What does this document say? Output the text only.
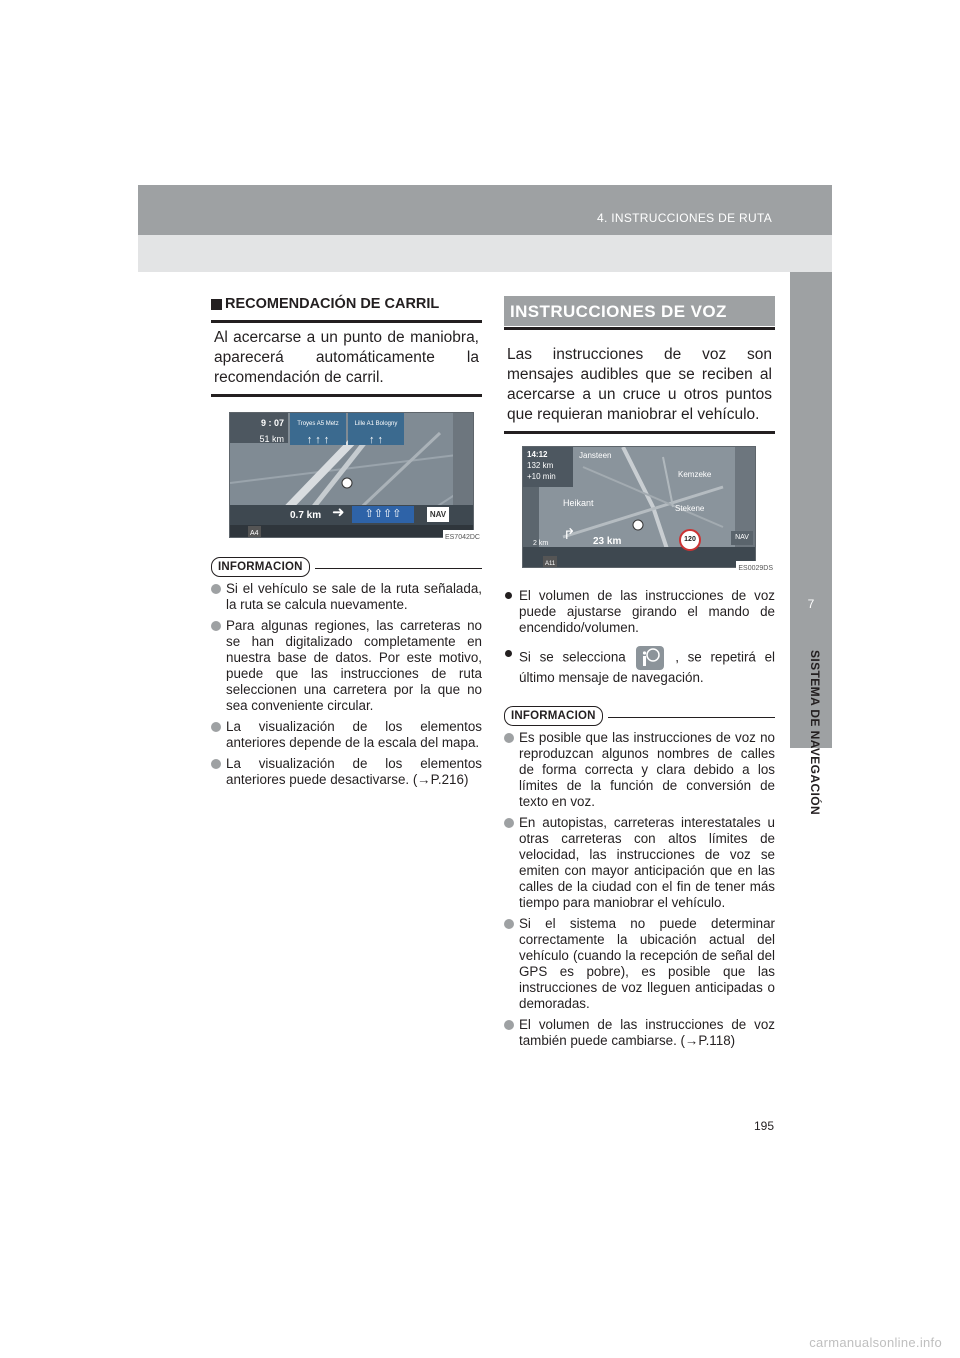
4. INSTRUCCIONES DE RUTA
7
SISTEMA DE NAVEGACIÓN
RECOMENDACIÓN DE CARRIL
Al acercarse a un punto de maniobra, aparecerá automáticamente la recomendación de carril.
9 : 07
51 km
Troyes A5 Metz
↑ ↑ ↑
Lille A1 Bologny
↑ ↑
0.7 km ➜	⇧⇧⇧⇧	NAV
A4
ES7042DC
INFORMACION
Si el vehículo se sale de la ruta señalada, la ruta se calcula nuevamente.
Para algunas regiones, las carreteras no se han digitalizado completamente en nuestra base de datos. Por este motivo, puede que las instrucciones de ruta seleccionen una carretera por la que no sea conveniente circular.
La visualización de los elementos anteriores depende de la escala del mapa.
La visualización de los elementos anteriores puede desactivarse. (→P.216)
INSTRUCCIONES DE VOZ
Las instrucciones de voz son mensajes audibles que se reciben al acercarse a un cruce u otros puntos que requieran maniobrar el vehículo.
14:12
132 km
+10 min
Jansteen
Kemzeke
Heikant
Stekene
2 km
↱ 23 km
A11
120	NAV
ES0029DS
El volumen de las instrucciones de voz puede ajustarse girando el mando de encendido/volumen.
Si se selecciona	, se repetirá el último mensaje de navegación.
INFORMACION
Es posible que las instrucciones de voz no reproduzcan algunos nombres de calles de forma correcta y clara debido a los límites de la función de conversión de texto en voz.
En autopistas, carreteras interestatales u otras carreteras con altos límites de velocidad, las instrucciones de voz se emiten con mayor anticipación que en las calles de la ciudad con el fin de tener más tiempo para maniobrar el vehículo.
Si el sistema no puede determinar correctamente la ubicación actual del vehículo (cuando la recepción de señal del GPS es pobre), es posible que las instrucciones de voz lleguen anticipadas o demoradas.
El volumen de las instrucciones de voz también puede cambiarse. (→P.118)
195
carmanualsonline.info
